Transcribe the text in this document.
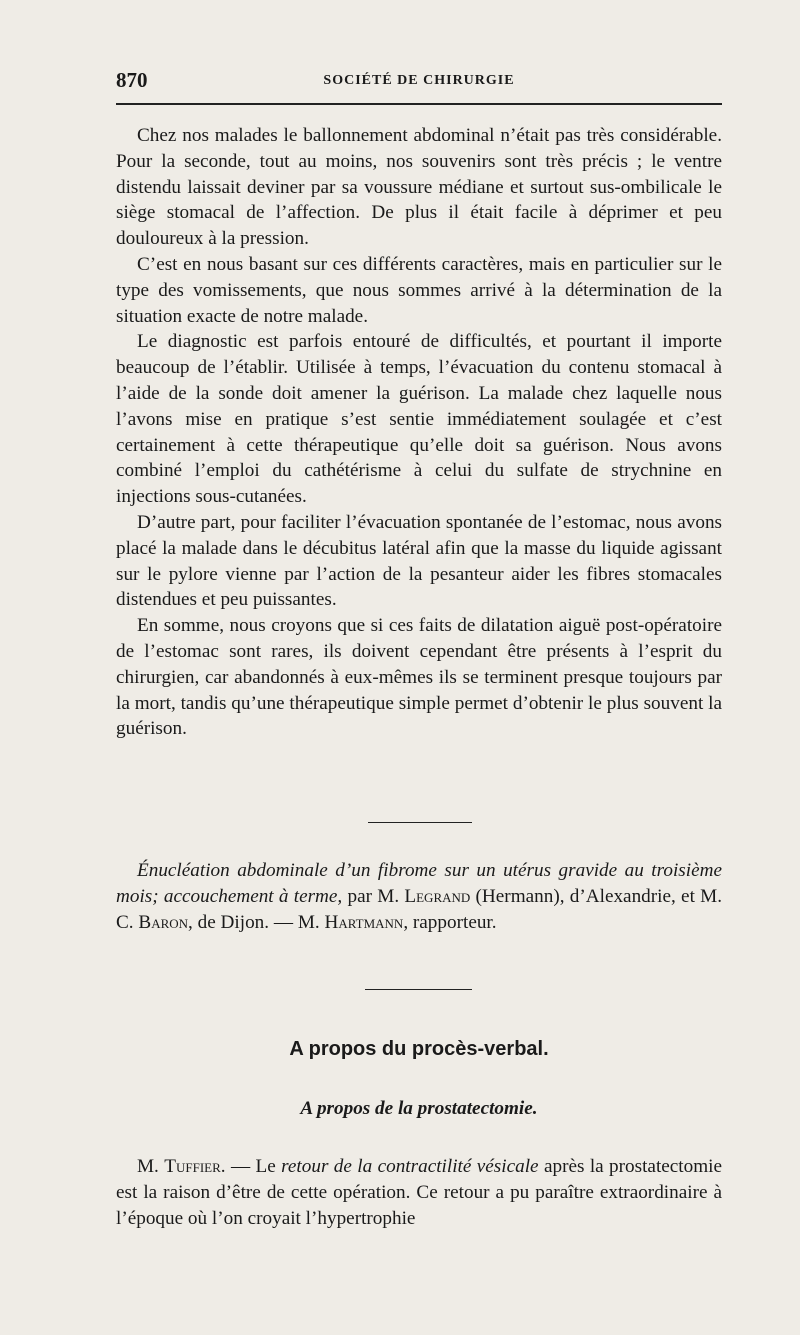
870	SOCIÉTÉ DE CHIRURGIE

Chez nos malades le ballonnement abdominal n’était pas très considérable. Pour la seconde, tout au moins, nos souvenirs sont très précis ; le ventre distendu laissait deviner par sa voussure médiane et surtout sus-ombilicale le siège stomacal de l’affection. De plus il était facile à déprimer et peu douloureux à la pression.

C’est en nous basant sur ces différents caractères, mais en particulier sur le type des vomissements, que nous sommes arrivé à la détermination de la situation exacte de notre malade.

Le diagnostic est parfois entouré de difficultés, et pourtant il importe beaucoup de l’établir. Utilisée à temps, l’évacuation du contenu stomacal à l’aide de la sonde doit amener la guérison. La malade chez laquelle nous l’avons mise en pratique s’est sentie immédiatement soulagée et c’est certainement à cette thérapeutique qu’elle doit sa guérison. Nous avons combiné l’emploi du cathétérisme à celui du sulfate de strychnine en injections sous-cutanées.

D’autre part, pour faciliter l’évacuation spontanée de l’estomac, nous avons placé la malade dans le décubitus latéral afin que la masse du liquide agissant sur le pylore vienne par l’action de la pesanteur aider les fibres stomacales distendues et peu puissantes.

En somme, nous croyons que si ces faits de dilatation aiguë post-opératoire de l’estomac sont rares, ils doivent cependant être présents à l’esprit du chirurgien, car abandonnés à eux-mêmes ils se terminent presque toujours par la mort, tandis qu’une thérapeutique simple permet d’obtenir le plus souvent la guérison.

Énucléation abdominale d’un fibrome sur un utérus gravide au troisième mois; accouchement à terme, par M. Legrand (Hermann), d’Alexandrie, et M. C. Baron, de Dijon. — M. Hartmann, rapporteur.

A propos du procès-verbal.
A propos de la prostatectomie.

M. Tuffier. — Le retour de la contractilité vésicale après la prostatectomie est la raison d’être de cette opération. Ce retour a pu paraître extraordinaire à l’époque où l’on croyait l’hypertrophie
